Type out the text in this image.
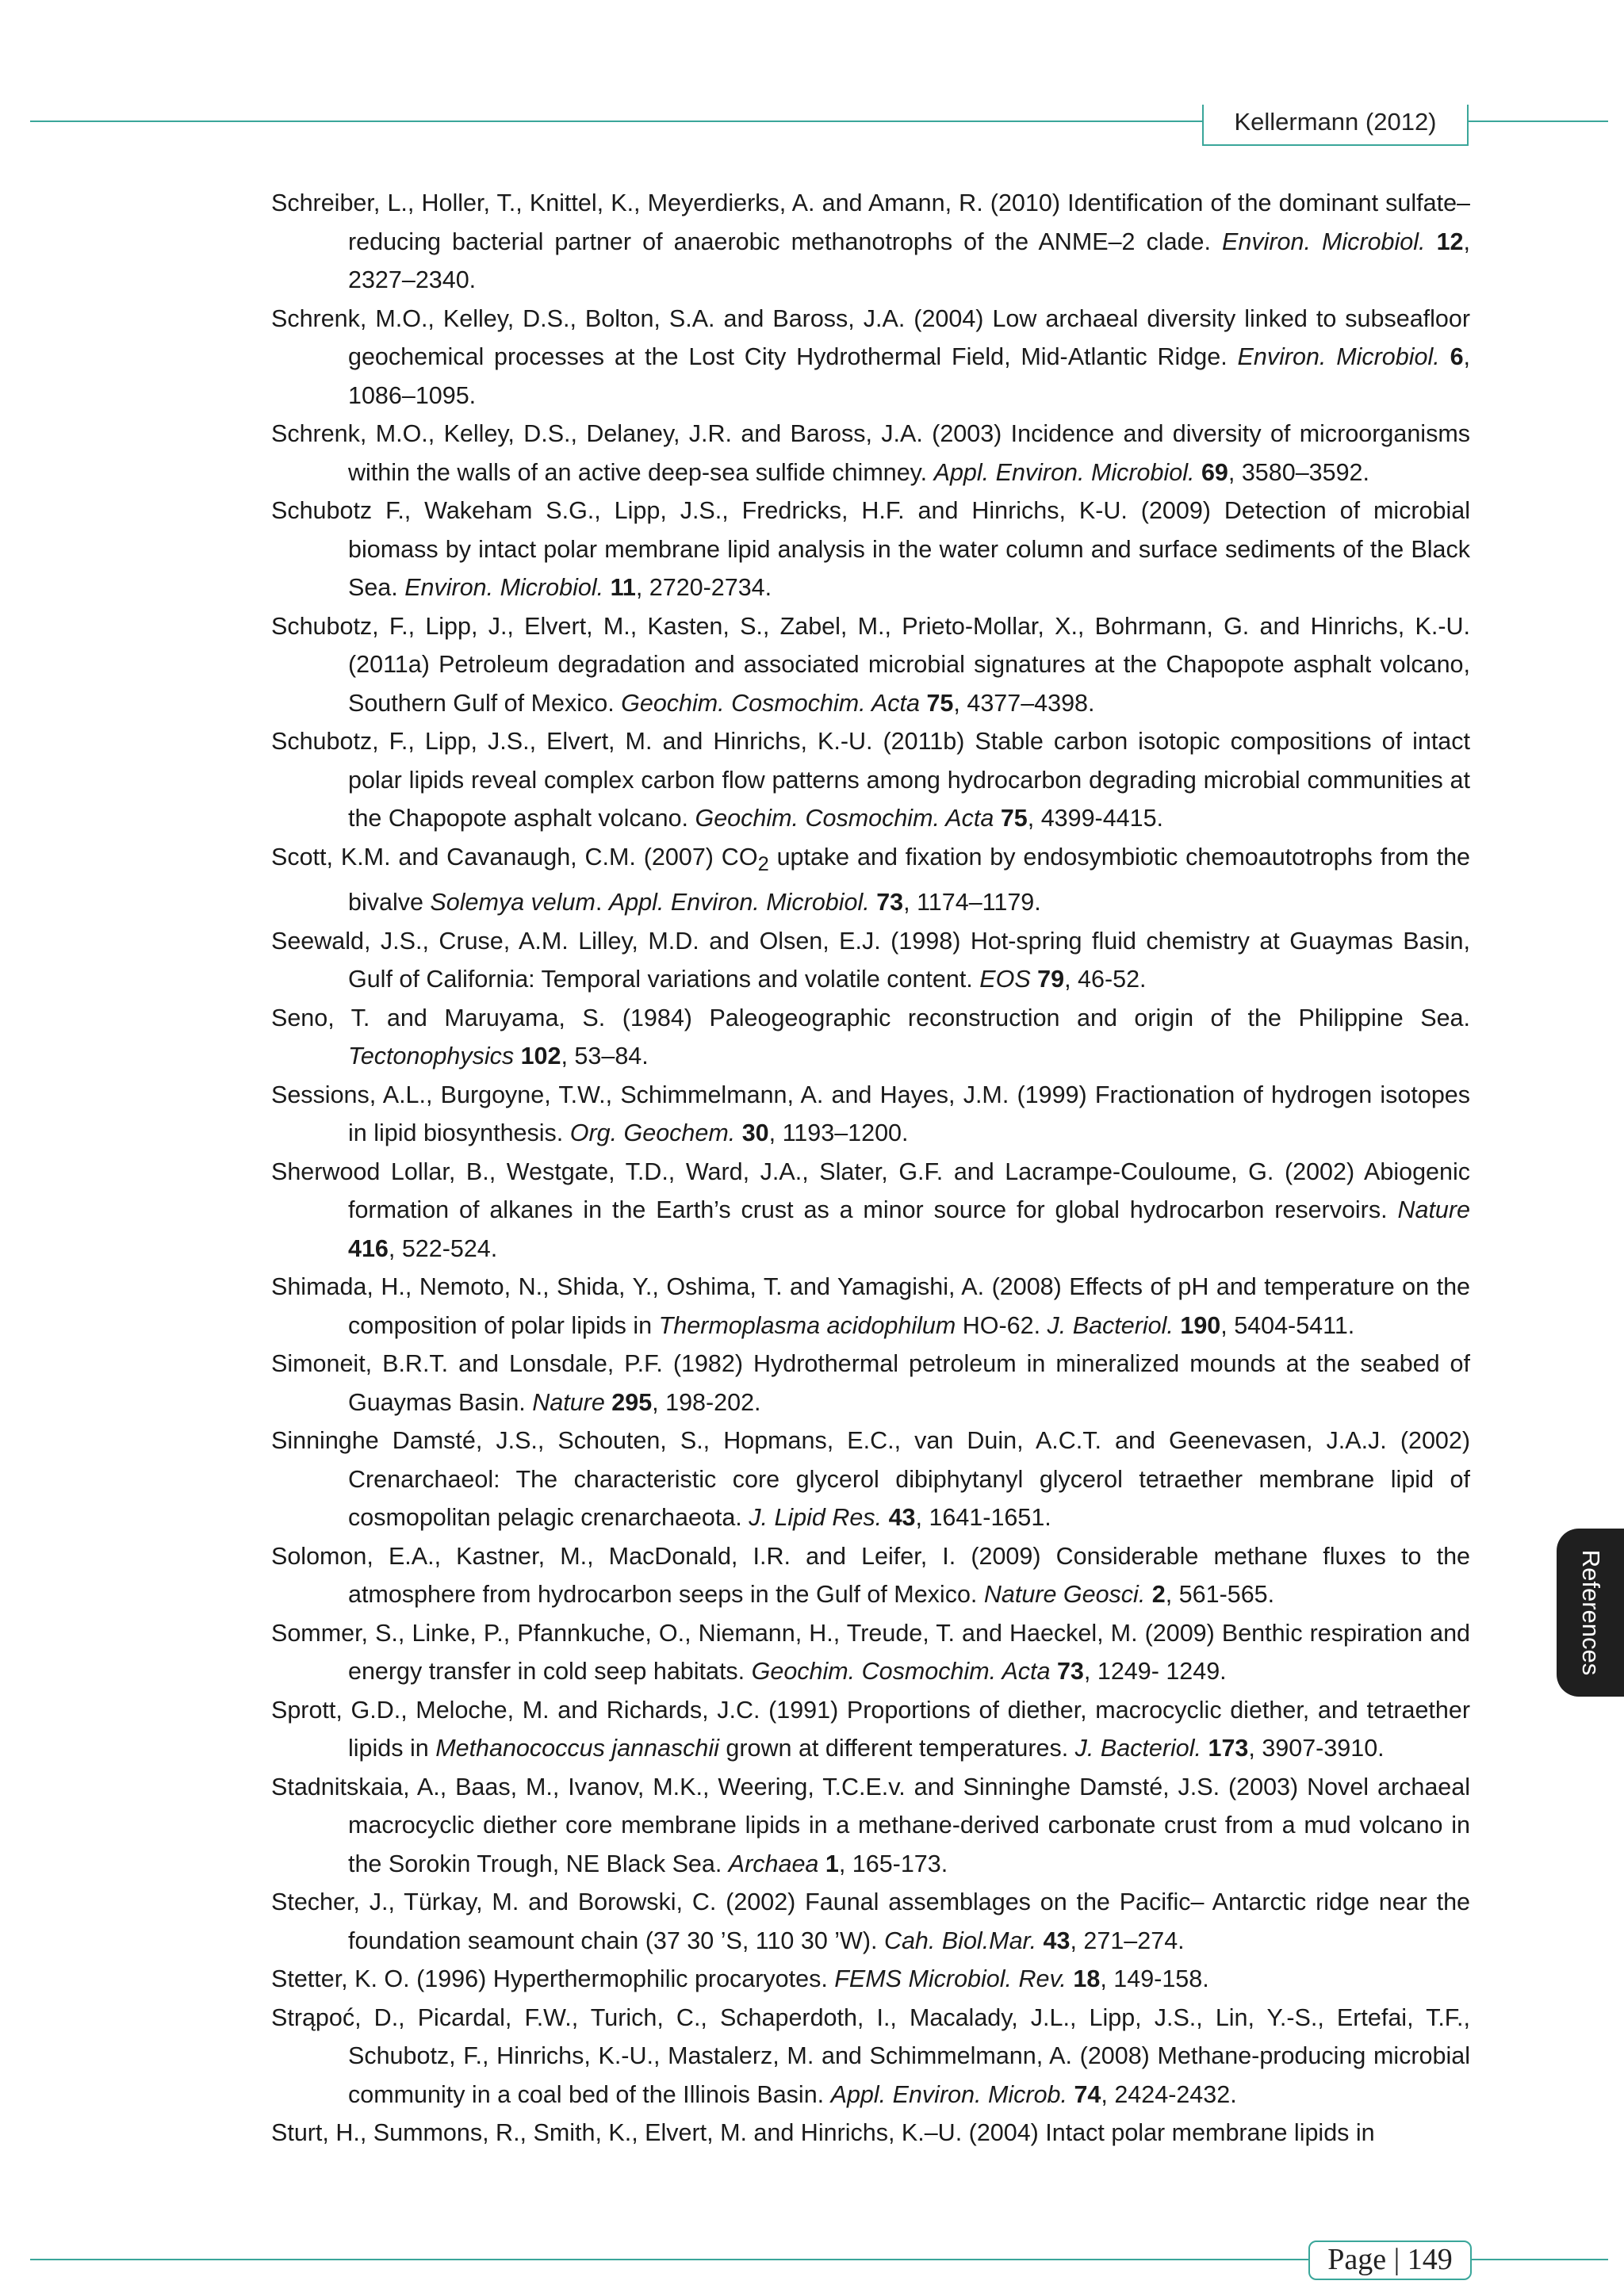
Kellermann (2012)

Schreiber, L., Holler, T., Knittel, K., Meyerdierks, A. and Amann, R. (2010) Identification of the dominant sulfate–reducing bacterial partner of anaerobic methanotrophs of the ANME–2 clade. Environ. Microbiol. 12, 2327–2340.

Schrenk, M.O., Kelley, D.S., Bolton, S.A. and Baross, J.A. (2004) Low archaeal diversity linked to subseafloor geochemical processes at the Lost City Hydrothermal Field, Mid-Atlantic Ridge. Environ. Microbiol. 6, 1086–1095.

Schrenk, M.O., Kelley, D.S., Delaney, J.R. and Baross, J.A. (2003) Incidence and diversity of microorganisms within the walls of an active deep-sea sulfide chimney. Appl. Environ. Microbiol. 69, 3580–3592.

Schubotz F., Wakeham S.G., Lipp, J.S., Fredricks, H.F. and Hinrichs, K-U. (2009) Detection of microbial biomass by intact polar membrane lipid analysis in the water column and surface sediments of the Black Sea. Environ. Microbiol. 11, 2720-2734.

Schubotz, F., Lipp, J., Elvert, M., Kasten, S., Zabel, M., Prieto-Mollar, X., Bohrmann, G. and Hinrichs, K.-U. (2011a) Petroleum degradation and associated microbial signatures at the Chapopote asphalt volcano, Southern Gulf of Mexico. Geochim. Cosmochim. Acta 75, 4377–4398.

Schubotz, F., Lipp, J.S., Elvert, M. and Hinrichs, K.-U. (2011b) Stable carbon isotopic compositions of intact polar lipids reveal complex carbon flow patterns among hydrocarbon degrading microbial communities at the Chapopote asphalt volcano. Geochim. Cosmochim. Acta 75, 4399-4415.

Scott, K.M. and Cavanaugh, C.M. (2007) $CO_2$ uptake and fixation by endosymbiotic chemoautotrophs from the bivalve Solemya velum. Appl. Environ. Microbiol. 73, 1174–1179.

Seewald, J.S., Cruse, A.M. Lilley, M.D. and Olsen, E.J. (1998) Hot-spring fluid chemistry at Guaymas Basin, Gulf of California: Temporal variations and volatile content. EOS 79, 46-52.

Seno, T. and Maruyama, S. (1984) Paleogeographic reconstruction and origin of the Philippine Sea. Tectonophysics 102, 53–84.

Sessions, A.L., Burgoyne, T.W., Schimmelmann, A. and Hayes, J.M. (1999) Fractionation of hydrogen isotopes in lipid biosynthesis. Org. Geochem. 30, 1193–1200.

Sherwood Lollar, B., Westgate, T.D., Ward, J.A., Slater, G.F. and Lacrampe-Couloume, G. (2002) Abiogenic formation of alkanes in the Earth’s crust as a minor source for global hydrocarbon reservoirs. Nature 416, 522-524.

Shimada, H., Nemoto, N., Shida, Y., Oshima, T. and Yamagishi, A. (2008) Effects of pH and temperature on the composition of polar lipids in Thermoplasma acidophilum HO-62. J. Bacteriol. 190, 5404-5411.

Simoneit, B.R.T. and Lonsdale, P.F. (1982) Hydrothermal petroleum in mineralized mounds at the seabed of Guaymas Basin. Nature 295, 198-202.

Sinninghe Damsté, J.S., Schouten, S., Hopmans, E.C., van Duin, A.C.T. and Geenevasen, J.A.J. (2002) Crenarchaeol: The characteristic core glycerol dibiphytanyl glycerol tetraether membrane lipid of cosmopolitan pelagic crenarchaeota. J. Lipid Res. 43, 1641-1651.

Solomon, E.A., Kastner, M., MacDonald, I.R. and Leifer, I. (2009) Considerable methane fluxes to the atmosphere from hydrocarbon seeps in the Gulf of Mexico. Nature Geosci. 2, 561-565.

Sommer, S., Linke, P., Pfannkuche, O., Niemann, H., Treude, T. and Haeckel, M. (2009) Benthic respiration and energy transfer in cold seep habitats. Geochim. Cosmochim. Acta 73, 1249- 1249.

Sprott, G.D., Meloche, M. and Richards, J.C. (1991) Proportions of diether, macrocyclic diether, and tetraether lipids in Methanococcus jannaschii grown at different temperatures. J. Bacteriol. 173, 3907-3910.

Stadnitskaia, A., Baas, M., Ivanov, M.K., Weering, T.C.E.v. and Sinninghe Damsté, J.S. (2003) Novel archaeal macrocyclic diether core membrane lipids in a methane-derived carbonate crust from a mud volcano in the Sorokin Trough, NE Black Sea. Archaea 1, 165-173.

Stecher, J., Türkay, M. and Borowski, C. (2002) Faunal assemblages on the Pacific– Antarctic ridge near the foundation seamount chain (37 30 ’S, 110 30 ’W). Cah. Biol.Mar. 43, 271–274.

Stetter, K. O. (1996) Hyperthermophilic procaryotes. FEMS Microbiol. Rev. 18, 149-158.

Strąpoć, D., Picardal, F.W., Turich, C., Schaperdoth, I., Macalady, J.L., Lipp, J.S., Lin, Y.-S., Ertefai, T.F., Schubotz, F., Hinrichs, K.-U., Mastalerz, M. and Schimmelmann, A. (2008) Methane-producing microbial community in a coal bed of the Illinois Basin. Appl. Environ. Microb. 74, 2424-2432.

Sturt, H., Summons, R., Smith, K., Elvert, M. and Hinrichs, K.–U. (2004) Intact polar membrane lipids in

References
Page | 149
